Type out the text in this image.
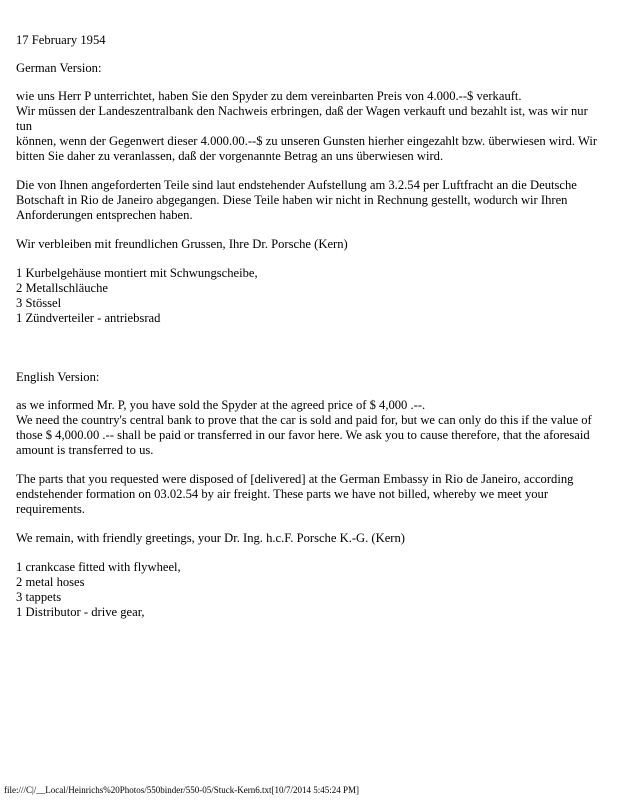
17 February 1954

German Version:

wie uns Herr P unterrichtet, haben Sie den Spyder zu dem vereinbarten Preis von 4.000.--$ verkauft.

Wir müssen der Landeszentralbank den Nachweis erbringen, daß der Wagen verkauft und bezahlt ist, was wir nur tun

können, wenn der Gegenwert dieser 4.000.00.--$ zu unseren Gunsten hierher eingezahlt bzw. überwiesen wird. Wir

bitten Sie daher zu veranlassen, daß der vorgenannte Betrag an uns überwiesen wird.

Die von Ihnen angeforderten Teile sind laut endstehender Aufstellung am 3.2.54 per Luftfracht an die Deutsche

Botschaft in Rio de Janeiro abgegangen. Diese Teile haben wir nicht in Rechnung gestellt, wodurch wir Ihren

Anforderungen entsprechen haben.

Wir verbleiben mit freundlichen Grussen, Ihre Dr. Porsche (Kern)

1 Kurbelgehäuse montiert mit Schwungscheibe,

2 Metallschläuche

3 Stössel

1 Zündverteiler - antriebsrad

English Version:

as we informed Mr. P, you have sold the Spyder at the agreed price of $ 4,000 .--.

We need the country's central bank to prove that the car is sold and paid for, but we can only do this if the value of

those $ 4,000.00 .-- shall be paid or transferred in our favor here. We ask you to cause therefore, that the aforesaid

amount is transferred to us.

The parts that you requested were disposed of [delivered] at the German Embassy in Rio de Janeiro, according

endstehender formation on 03.02.54 by air freight. These parts we have not billed, whereby we meet your

requirements.

We remain, with friendly greetings, your Dr. Ing. h.c.F. Porsche K.-G. (Kern)

1 crankcase fitted with flywheel,

2 metal hoses

3 tappets

1 Distributor - drive gear,

file:///C|/__Local/Heinrichs%20Photos/550binder/550-05/Stuck-Kern6.txt[10/7/2014 5:45:24 PM]
